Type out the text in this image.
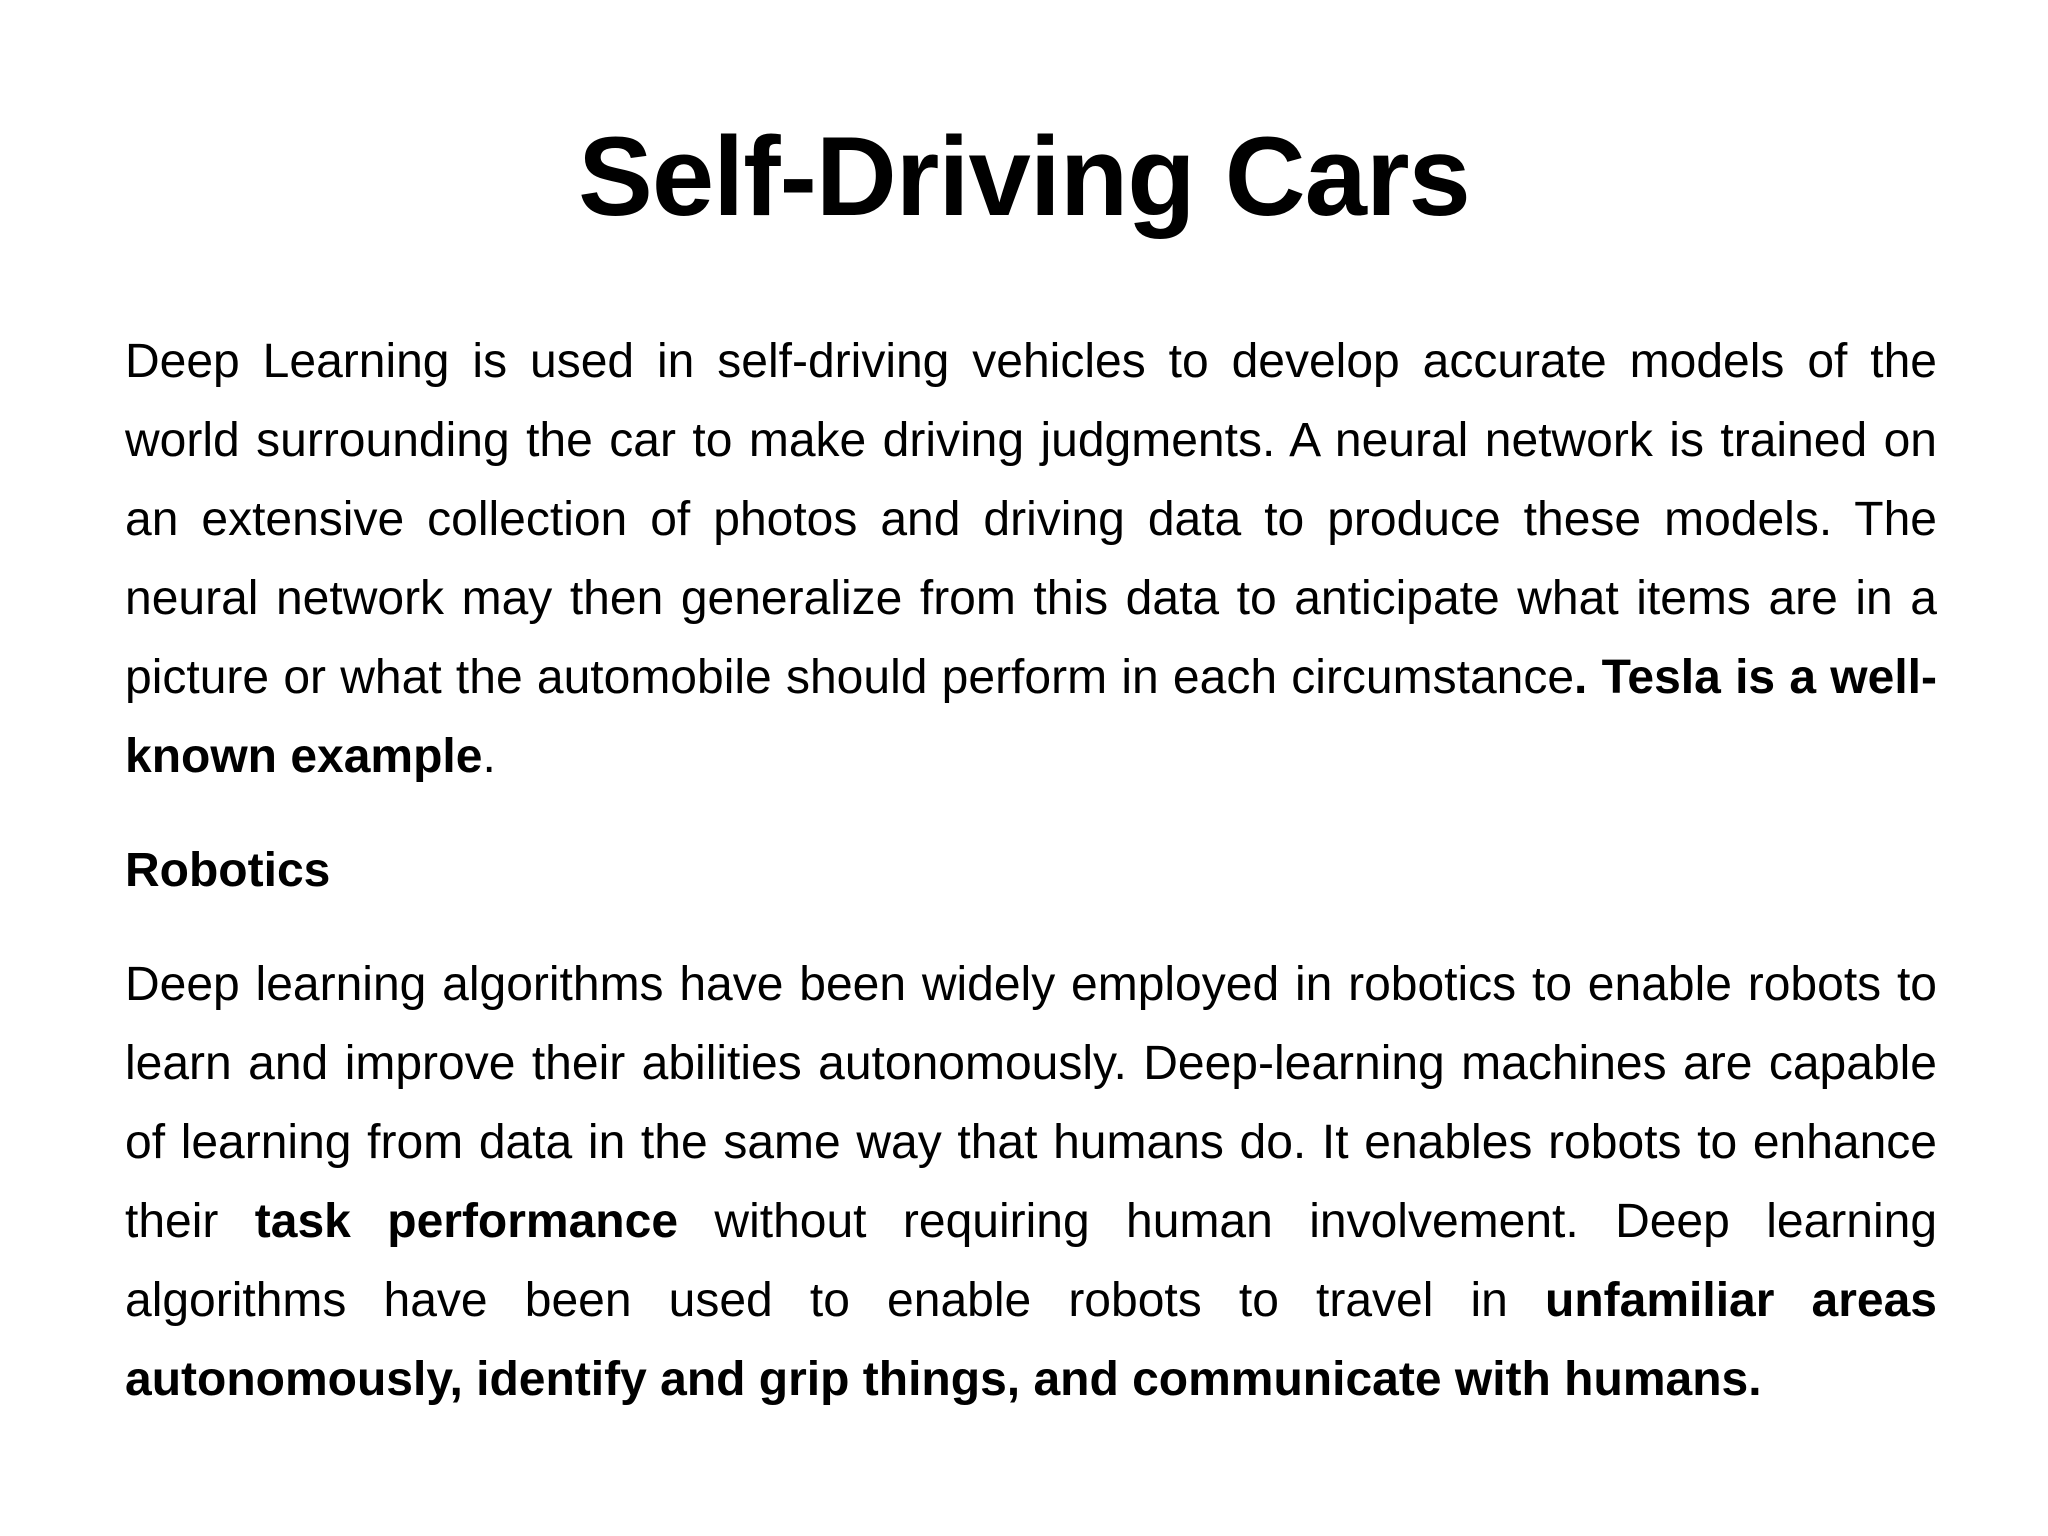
Self-Driving Cars

Deep Learning is used in self-driving vehicles to develop accurate models of the world surrounding the car to make driving judgments. A neural network is trained on an extensive collection of photos and driving data to produce these models. The neural network may then generalize from this data to anticipate what items are in a picture or what the automobile should perform in each circumstance. Tesla is a well-known example.

Robotics

Deep learning algorithms have been widely employed in robotics to enable robots to learn and improve their abilities autonomously. Deep-learning machines are capable of learning from data in the same way that humans do. It enables robots to enhance their task performance without requiring human involvement. Deep learning algorithms have been used to enable robots to travel in unfamiliar areas autonomously, identify and grip things, and communicate with humans.
